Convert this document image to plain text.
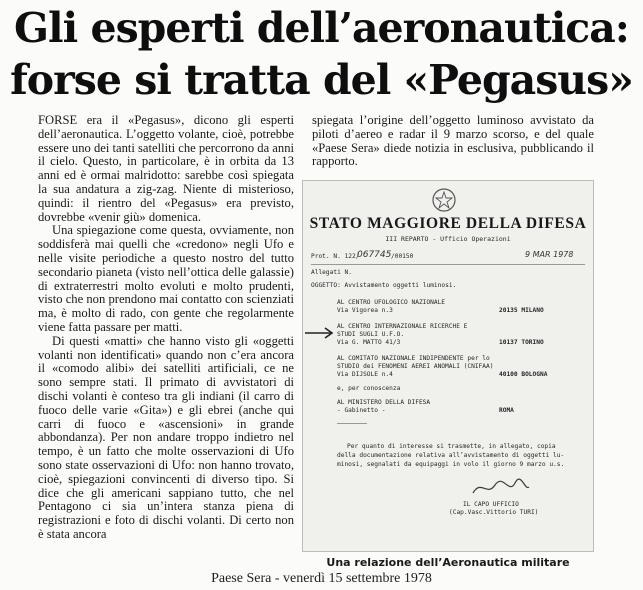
Gli esperti dell’aeronautica:
forse si tratta del «Pegasus»

FORSE era il «Pegasus», dicono gli esperti dell’aeronautica. L’oggetto volante, cioè, potrebbe essere uno dei tanti satelliti che percorrono da anni il cielo. Questo, in particolare, è in orbita da 13 anni ed è ormai malridotto: sarebbe così spiegata la sua andatura a zig-zag. Niente di misterioso, quindi: il rientro del «Pegasus» era previsto, dovrebbe «venir giù» domenica.

Una spiegazione come questa, ovviamente, non soddisferà mai quelli che «credono» negli Ufo e nelle visite periodiche a questo nostro del tutto secondario pianeta (visto nell’ottica delle galassie) di extraterrestri molto evoluti e molto prudenti, visto che non prendono mai contatto con scienziati ma, è molto di rado, con gente che regolarmente viene fatta passare per matti.

Di questi «matti» che hanno visto gli «oggetti volanti non identificati» quando non c’era ancora il «comodo alibi» dei satelliti artificiali, ce ne sono sempre stati. Il primato di avvistatori di dischi volanti è conteso tra gli indiani (il carro di fuoco delle varie «Gita») e gli ebrei (anche qui carri di fuoco e «ascensioni» in grande abbondanza). Per non andare troppo indietro nel tempo, è un fatto che molte osservazioni di Ufo sono state osservazioni di Ufo: non hanno trovato, cioè, spiegazioni convincenti di diverso tipo. Si dice che gli americani sappiano tutto, che nel Pentagono ci sia un’intera stanza piena di registrazioni e foto di dischi volanti. Di certo non è stata ancora

spiegata l’origine dell’oggetto luminoso avvistato da piloti d’aereo e radar il 9 marzo scorso, e del quale «Paese Sera» diede notizia in esclusiva, pubblicando il rapporto.

STATO MAGGIORE DELLA DIFESA
III REPARTO - Ufficio Operazioni
Prot. N. 122/
067745 /00150	9 MAR 1978
Allegati N.
OGGETTO: Avvistamento oggetti luminosi.
AL CENTRO UFOLOGICO NAZIONALE
Via Vigorea n.3	20135 MILANO
AL CENTRO INTERNAZIONALE RICERCHE E
STUDI SUGLI U.F.O.
Via G. MATTO 41/3	10137 TORINO
AL COMITATO NAZIONALE INDIPENDENTE per lo
STUDIO dei FENOMENI AEREI ANOMALI (CNIFAA)
Via DIJSOLE n.4	40100 BOLOGNA
e, per conoscenza
AL MINISTERO DELLA DIFESA
- Gabinetto -	ROMA
Per quanto di interesse si trasmette, in allegato, copia
della documentazione relativa all’avvistamento di oggetti lu-
minosi, segnalati da equipaggi in volo il giorno 9 marzo u.s.
IL CAPO UFFICIO
(Cap.Vasc.Vittorio TURI)
Una relazione dell’Aeronautica militare
Paese Sera - venerdì 15 settembre 1978
